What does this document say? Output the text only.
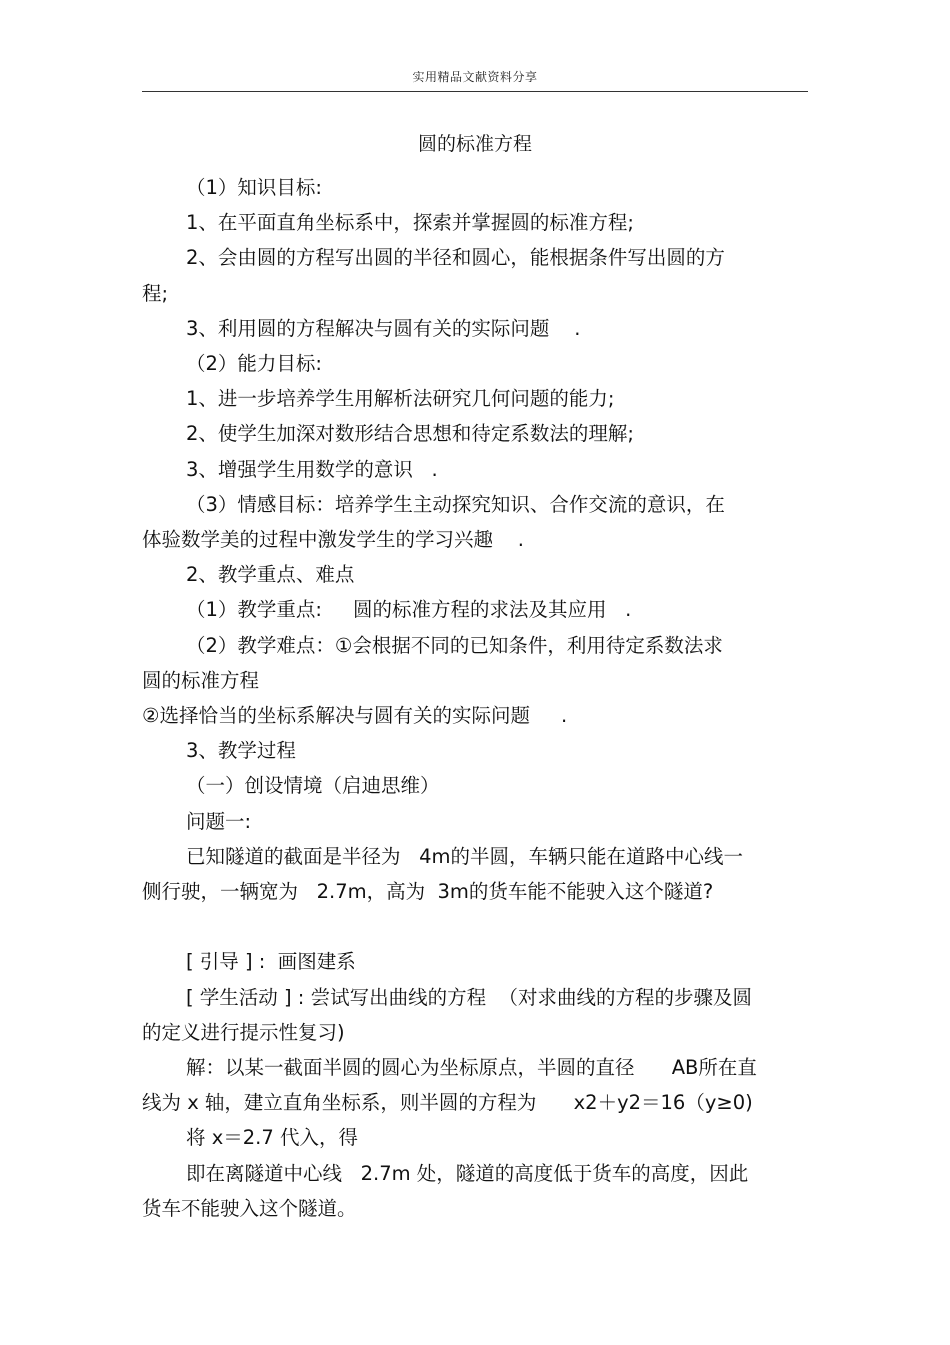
实用精品文献资料分享
圆的标准方程
（1）知识目标:
1、在平面直角坐标系中，探索并掌握圆的标准方程;
2、会由圆的方程写出圆的半径和圆心，能根据条件写出圆的方
程;
3、利用圆的方程解决与圆有关的实际问题    .
（2）能力目标:
1、进一步培养学生用解析法研究几何问题的能力;
2、使学生加深对数形结合思想和待定系数法的理解;
3、增强学生用数学的意识   .
（3）情感目标：培养学生主动探究知识、合作交流的意识，在
体验数学美的过程中激发学生的学习兴趣    .
2、教学重点、难点
（1）教学重点:     圆的标准方程的求法及其应用   .
（2）教学难点：①会根据不同的已知条件，利用待定系数法求
圆的标准方程
②选择恰当的坐标系解决与圆有关的实际问题     .
3、教学过程
（一）创设情境（启迪思维）
问题一:
已知隧道的截面是半径为   4m的半圆，车辆只能在道路中心线一
侧行驶，一辆宽为   2.7m，高为  3m的货车能不能驶入这个隧道?
[ 引导 ] :  画图建系
[ 学生活动 ] : 尝试写出曲线的方程  （对求曲线的方程的步骤及圆
的定义进行提示性复习)
解：以某一截面半圆的圆心为坐标原点，半圆的直径      AB所在直
线为 x 轴，建立直角坐标系，则半圆的方程为      x2＋y2＝16（y≥0)
将 x＝2.7 代入，得
即在离隧道中心线   2.7m 处，隧道的高度低于货车的高度，因此
货车不能驶入这个隧道。
